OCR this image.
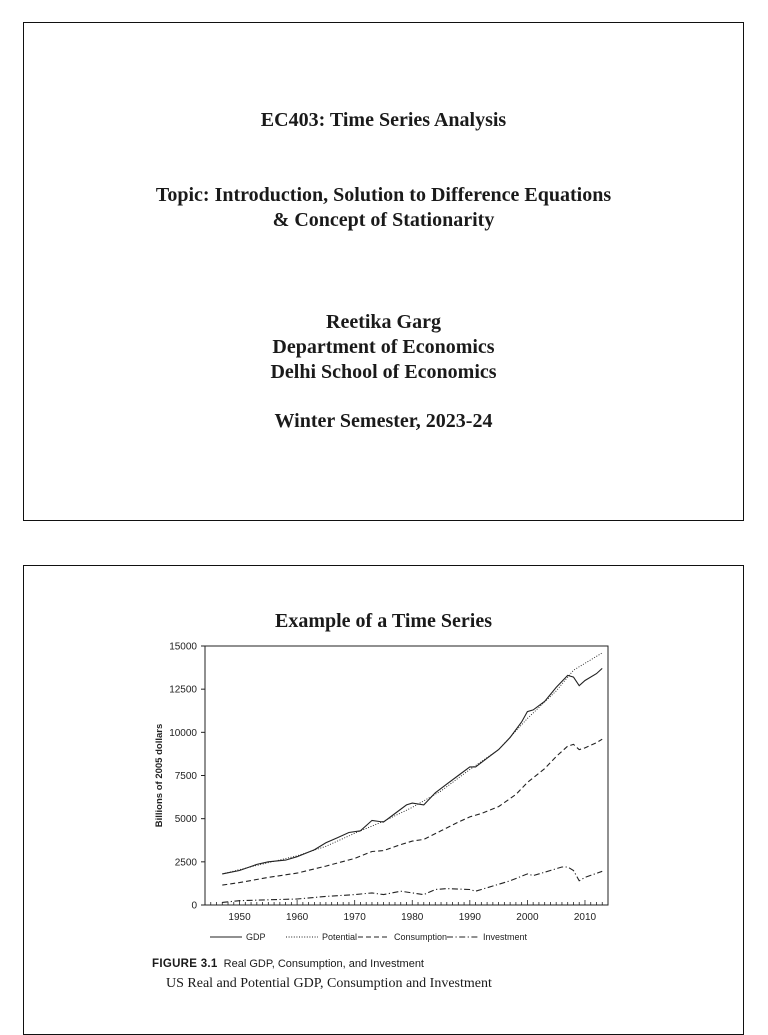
EC403: Time Series Analysis
Topic: Introduction, Solution to Difference Equations
& Concept of Stationarity
Reetika Garg
Department of Economics
Delhi School of Economics
Winter Semester, 2023-24
Example of a Time Series
0
2500
5000
7500
10000
12500
15000
1950	1960	1970	1980	1990	2000	2010
Billions of 2005 dollars
GDP	Potential	Consumption	Investment
FIGURE 3.1 Real GDP, Consumption, and Investment
US Real and Potential GDP, Consumption and Investment
